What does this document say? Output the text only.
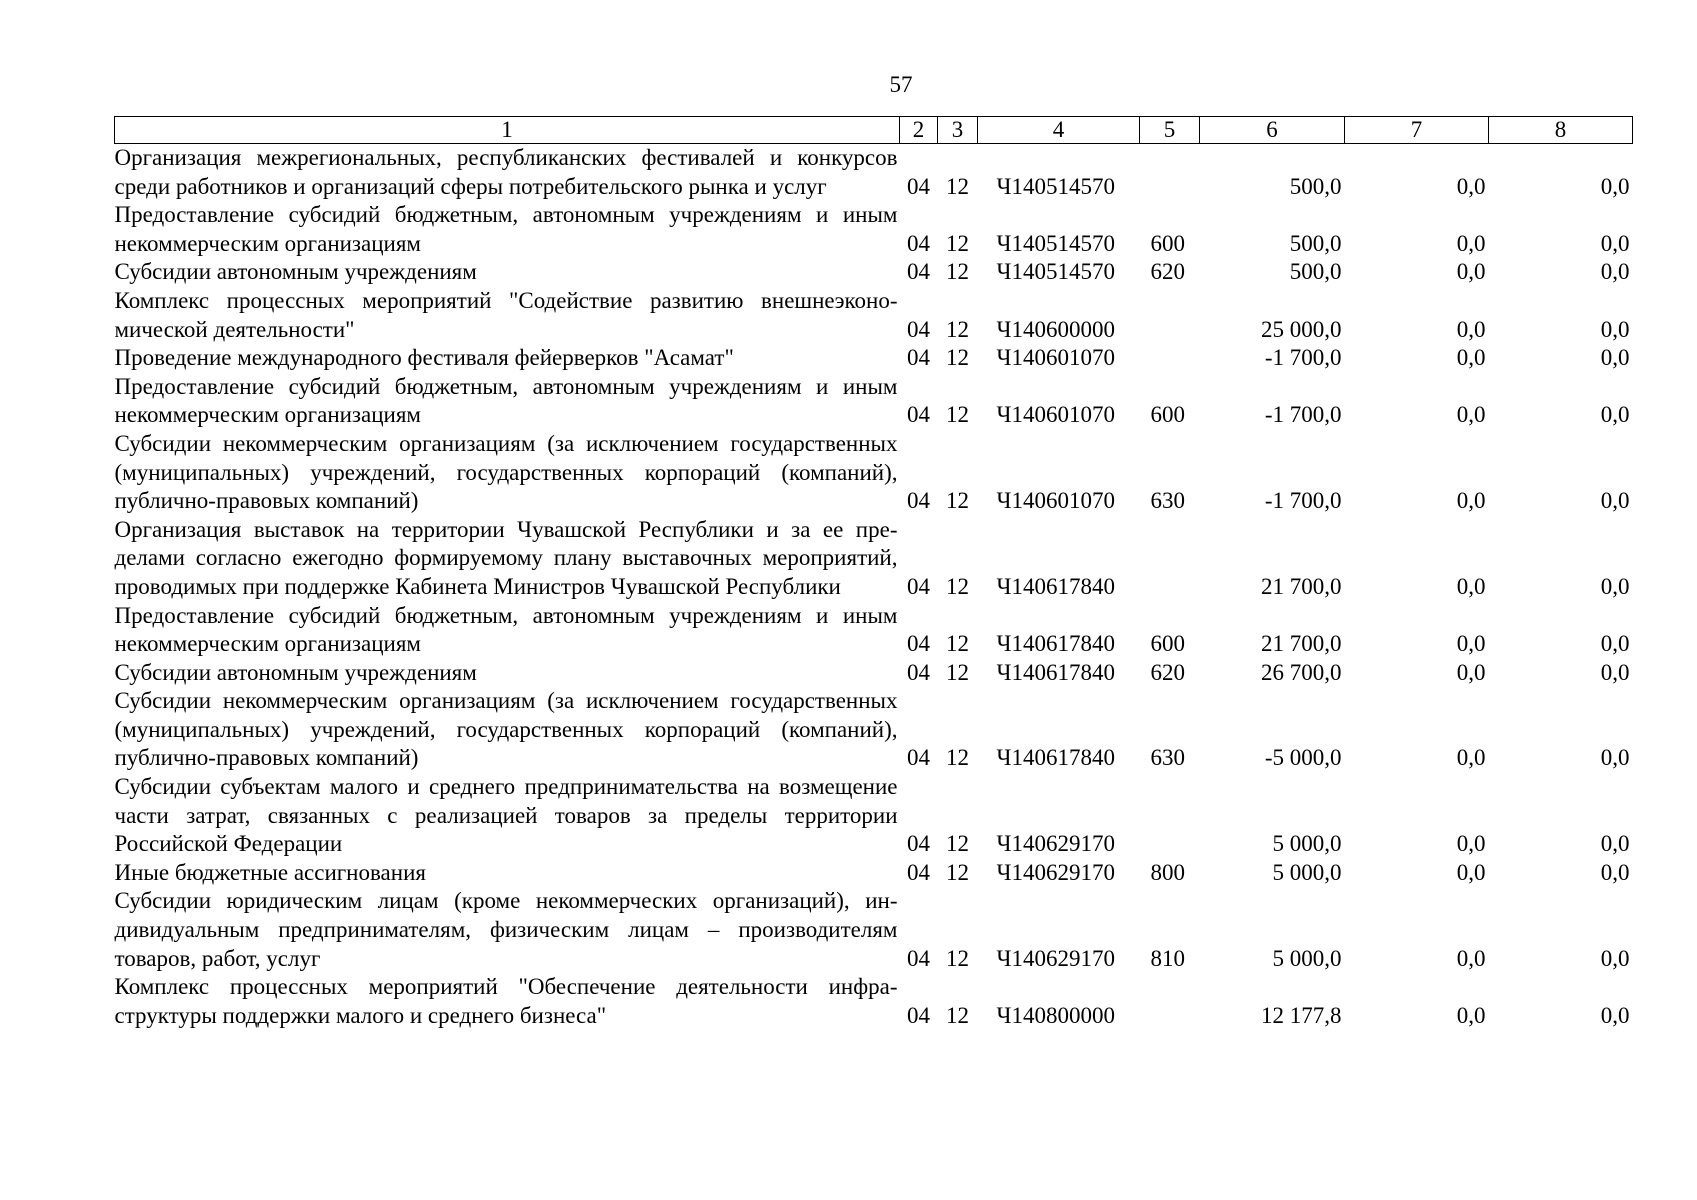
57
1	2	3	4	5	6	7	8
Организация межрегиональных, республиканских фестивалей и конкурсов среди работников и организаций сферы потребительского рынка и услуг	04	12	Ч140514570		500,0	0,0	0,0
Предоставление субсидий бюджетным, автономным учреждениям и иным некоммерческим организациям	04	12	Ч140514570	600	500,0	0,0	0,0
Субсидии автономным учреждениям	04	12	Ч140514570	620	500,0	0,0	0,0
Комплекс процессных мероприятий "Содействие развитию внешнеэкономической деятельности"	04	12	Ч140600000		25 000,0	0,0	0,0
Проведение международного фестиваля фейерверков "Асамат"	04	12	Ч140601070		-1 700,0	0,0	0,0
Предоставление субсидий бюджетным, автономным учреждениям и иным некоммерческим организациям	04	12	Ч140601070	600	-1 700,0	0,0	0,0
Субсидии некоммерческим организациям (за исключением государственных (муниципальных) учреждений, государственных корпораций (компаний), публично-правовых компаний)	04	12	Ч140601070	630	-1 700,0	0,0	0,0
Организация выставок на территории Чувашской Республики и за ее пределами согласно ежегодно формируемому плану выставочных мероприятий, проводимых при поддержке Кабинета Министров Чувашской Республики	04	12	Ч140617840		21 700,0	0,0	0,0
Предоставление субсидий бюджетным, автономным учреждениям и иным некоммерческим организациям	04	12	Ч140617840	600	21 700,0	0,0	0,0
Субсидии автономным учреждениям	04	12	Ч140617840	620	26 700,0	0,0	0,0
Субсидии некоммерческим организациям (за исключением государственных (муниципальных) учреждений, государственных корпораций (компаний), публично-правовых компаний)	04	12	Ч140617840	630	-5 000,0	0,0	0,0
Субсидии субъектам малого и среднего предпринимательства на возмещение части затрат, связанных с реализацией товаров за пределы территории Российской Федерации	04	12	Ч140629170		5 000,0	0,0	0,0
Иные бюджетные ассигнования	04	12	Ч140629170	800	5 000,0	0,0	0,0
Субсидии юридическим лицам (кроме некоммерческих организаций), индивидуальным предпринимателям, физическим лицам – производителям товаров, работ, услуг	04	12	Ч140629170	810	5 000,0	0,0	0,0
Комплекс процессных мероприятий "Обеспечение деятельности инфраструктуры поддержки малого и среднего бизнеса"	04	12	Ч140800000		12 177,8	0,0	0,0
